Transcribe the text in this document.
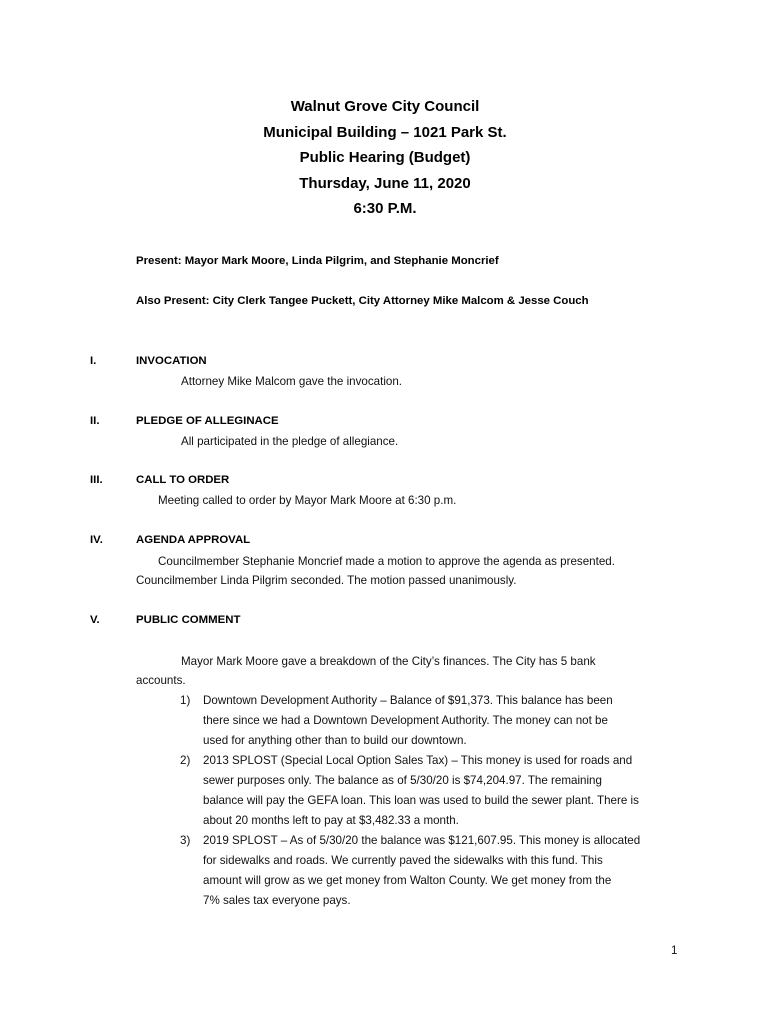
Walnut Grove City Council
Municipal Building – 1021 Park St.
Public Hearing (Budget)
Thursday, June 11, 2020
6:30 P.M.
Present: Mayor Mark Moore, Linda Pilgrim, and Stephanie Moncrief
Also Present: City Clerk Tangee Puckett, City Attorney Mike Malcom & Jesse Couch
I.	INVOCATION
Attorney Mike Malcom gave the invocation.
II.	PLEDGE OF ALLEGINACE
All participated in the pledge of allegiance.
III.	CALL TO ORDER
Meeting called to order by Mayor Mark Moore at 6:30 p.m.
IV.	AGENDA APPROVAL
Councilmember Stephanie Moncrief made a motion to approve the agenda as presented.
Councilmember Linda Pilgrim seconded. The motion passed unanimously.
V.	PUBLIC COMMENT
Mayor Mark Moore gave a breakdown of the City’s finances. The City has 5 bank
accounts.
1) Downtown Development Authority – Balance of $91,373. This balance has been
there since we had a Downtown Development Authority. The money can not be
used for anything other than to build our downtown.
2) 2013 SPLOST (Special Local Option Sales Tax) – This money is used for roads and
sewer purposes only. The balance as of 5/30/20 is $74,204.97. The remaining
balance will pay the GEFA loan. This loan was used to build the sewer plant. There is
about 20 months left to pay at $3,482.33 a month.
3) 2019 SPLOST – As of 5/30/20 the balance was $121,607.95. This money is allocated
for sidewalks and roads. We currently paved the sidewalks with this fund. This
amount will grow as we get money from Walton County. We get money from the
7% sales tax everyone pays.
1
